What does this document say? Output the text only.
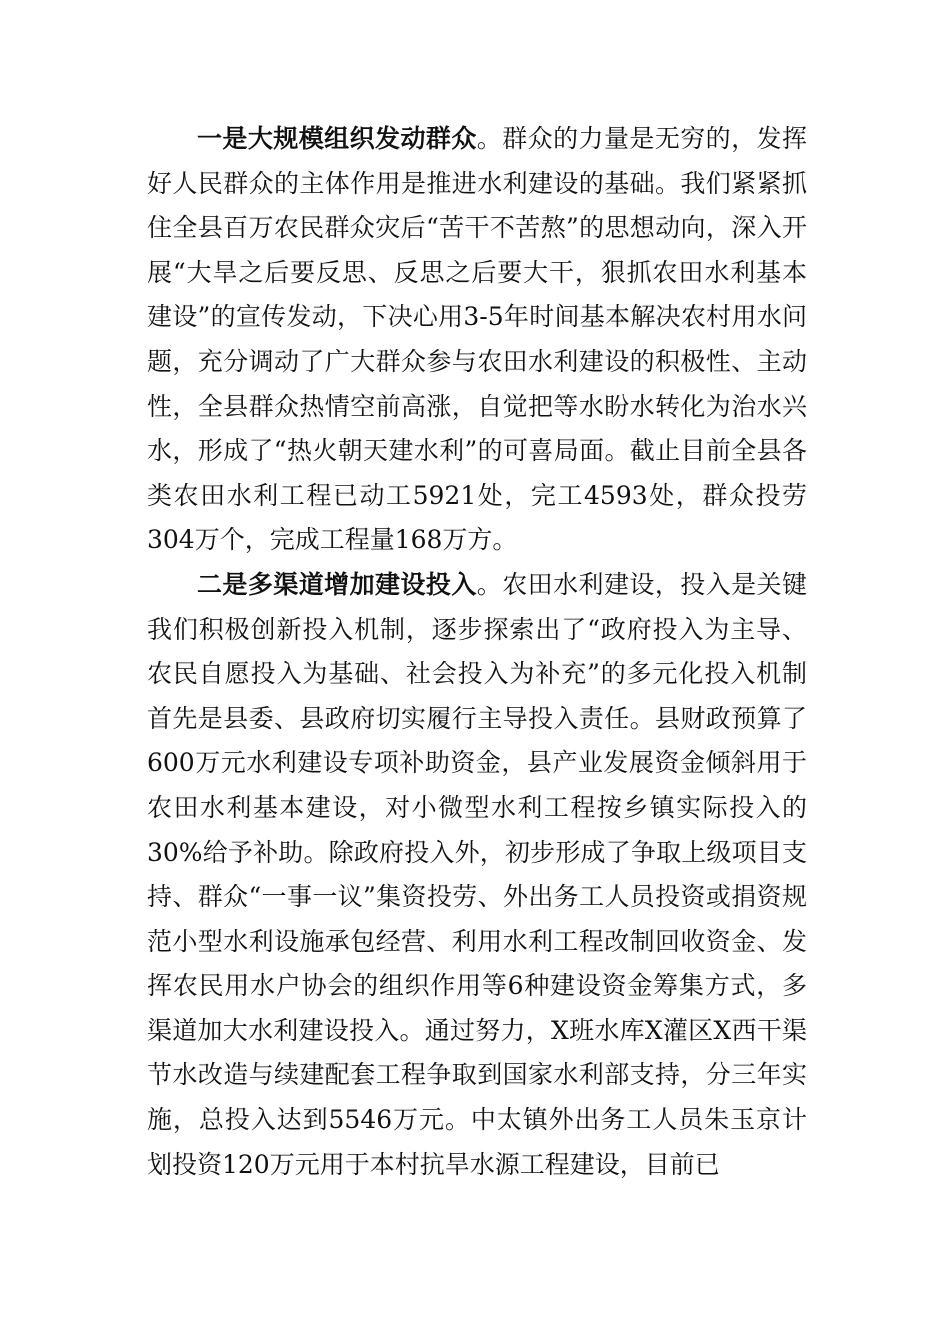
一是大规模组织发动群众。群众的力量是无穷的，发挥好人民群众的主体作用是推进水利建设的基础。我们紧紧抓住全县百万农民群众灾后“苦干不苦熬”的思想动向，深入开展“大旱之后要反思、反思之后要大干，狠抓农田水利基本建设”的宣传发动，下决心用3-5年时间基本解决农村用水问题，充分调动了广大群众参与农田水利建设的积极性、主动性，全县群众热情空前高涨，自觉把等水盼水转化为治水兴水，形成了“热火朝天建水利”的可喜局面。截止目前全县各类农田水利工程已动工5921处，完工4593处，群众投劳304万个，完成工程量168万方。

二是多渠道增加建设投入。农田水利建设，投入是关键我们积极创新投入机制，逐步探索出了“政府投入为主导、农民自愿投入为基础、社会投入为补充”的多元化投入机制首先是县委、县政府切实履行主导投入责任。县财政预算了600万元水利建设专项补助资金，县产业发展资金倾斜用于农田水利基本建设，对小微型水利工程按乡镇实际投入的30%给予补助。除政府投入外，初步形成了争取上级项目支持、群众“一事一议”集资投劳、外出务工人员投资或捐资规范小型水利设施承包经营、利用水利工程改制回收资金、发挥农民用水户协会的组织作用等6种建设资金筹集方式，多渠道加大水利建设投入。通过努力，X班水库X灌区X西干渠节水改造与续建配套工程争取到国家水利部支持，分三年实施，总投入达到5546万元。中太镇外出务工人员朱玉京计划投资120万元用于本村抗旱水源工程建设，目前已
